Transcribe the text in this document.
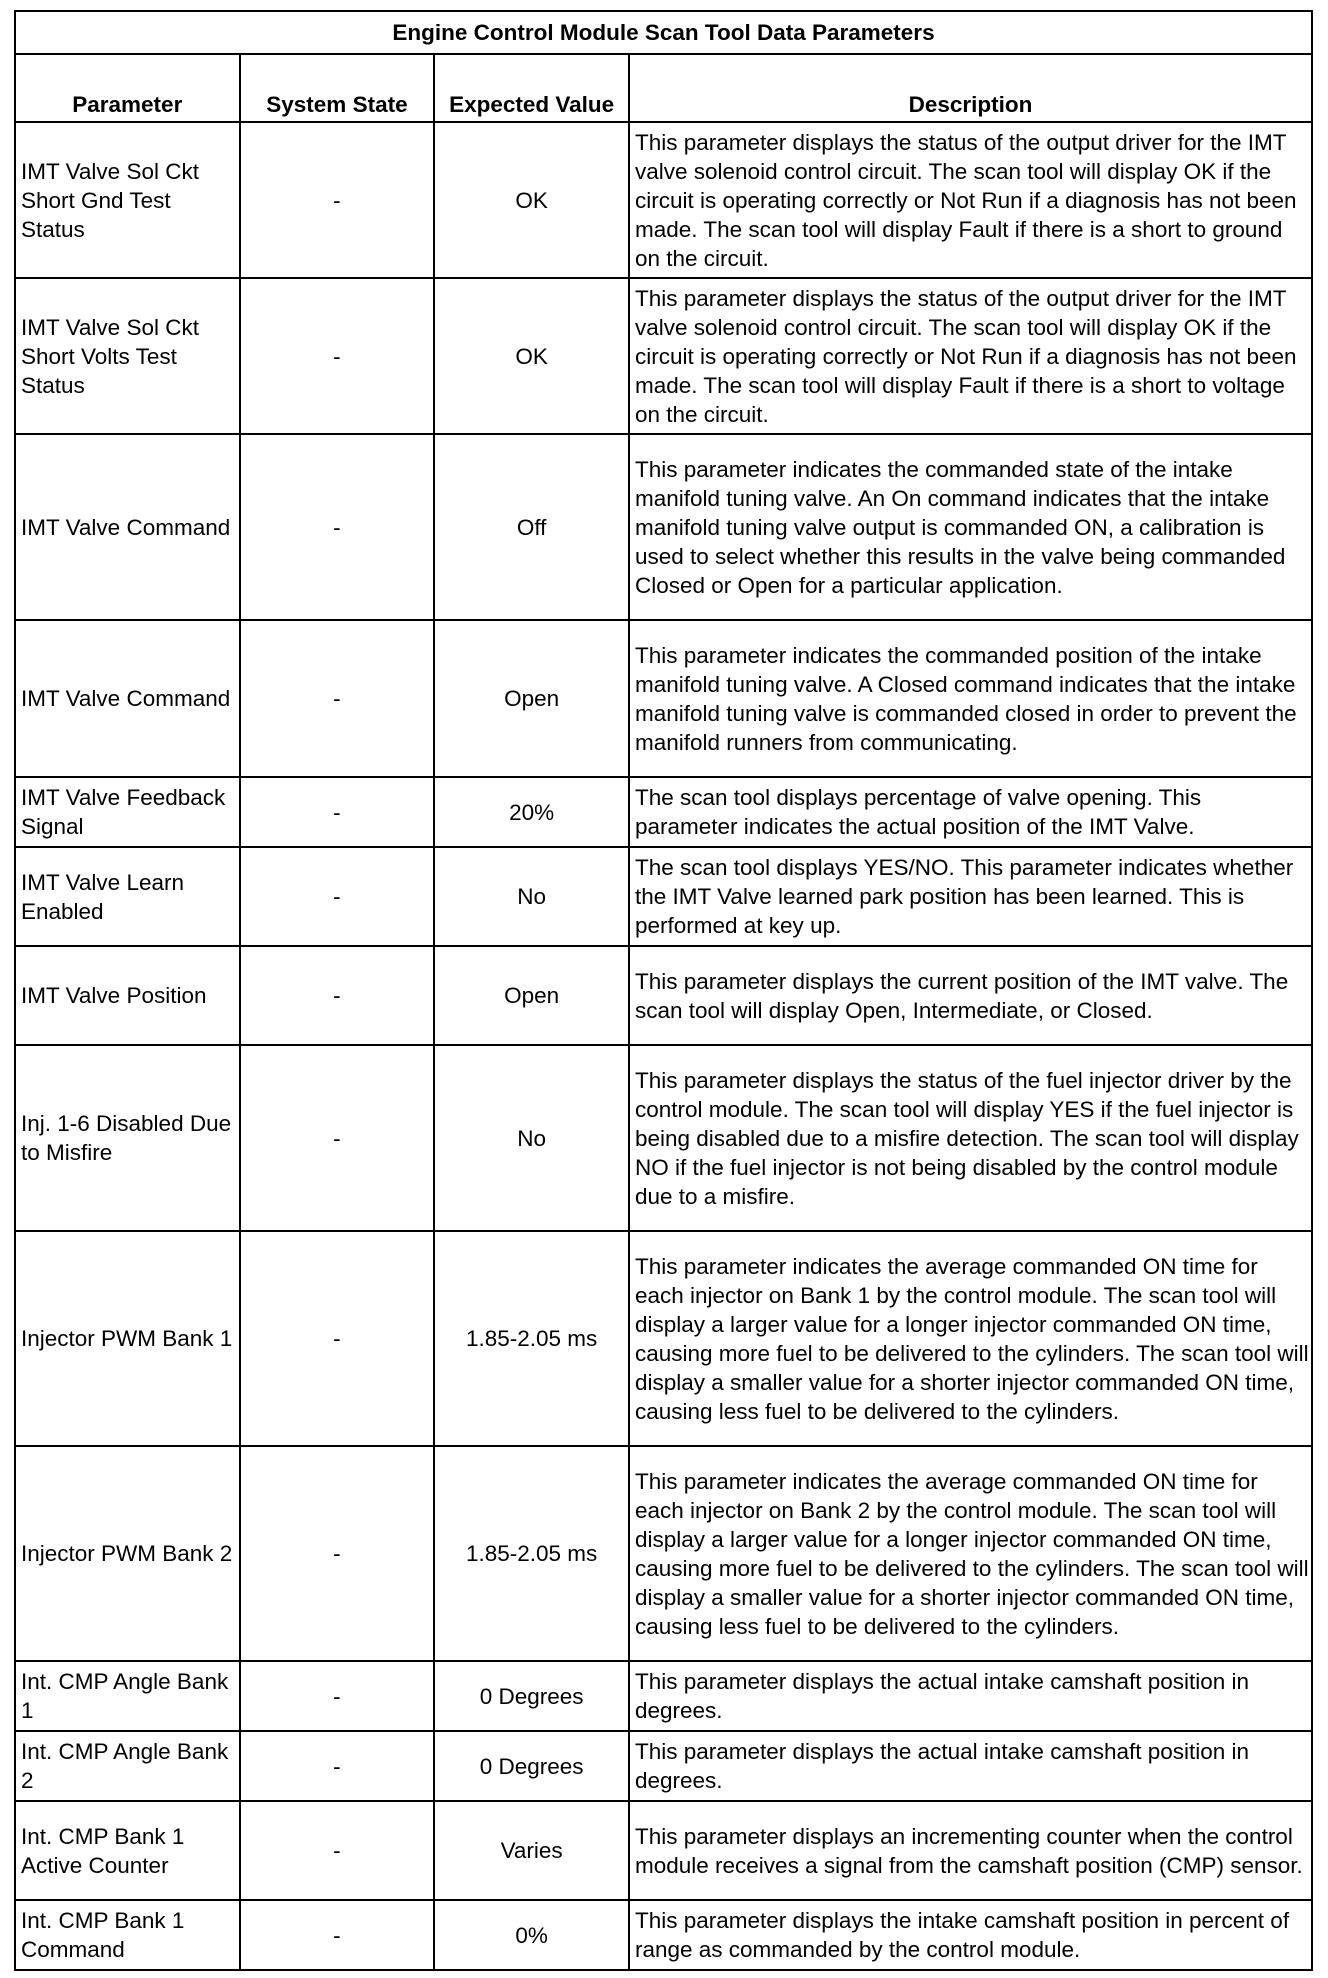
Engine Control Module Scan Tool Data Parameters			
Parameter	System State	Expected Value	Description
IMT Valve Sol Ckt Short Gnd Test Status	-	OK	This parameter displays the status of the output driver for the IMT valve solenoid control circuit. The scan tool will display OK if the circuit is operating correctly or Not Run if a diagnosis has not been made. The scan tool will display Fault if there is a short to ground on the circuit.
IMT Valve Sol Ckt Short Volts Test Status	-	OK	This parameter displays the status of the output driver for the IMT valve solenoid control circuit. The scan tool will display OK if the circuit is operating correctly or Not Run if a diagnosis has not been made. The scan tool will display Fault if there is a short to voltage on the circuit.
IMT Valve Command	-	Off	This parameter indicates the commanded state of the intake manifold tuning valve. An On command indicates that the intake manifold tuning valve output is commanded ON, a calibration is used to select whether this results in the valve being commanded Closed or Open for a particular application.
IMT Valve Command	-	Open	This parameter indicates the commanded position of the intake manifold tuning valve. A Closed command indicates that the intake manifold tuning valve is commanded closed in order to prevent the manifold runners from communicating.
IMT Valve Feedback Signal	-	20%	The scan tool displays percentage of valve opening. This parameter indicates the actual position of the IMT Valve.
IMT Valve Learn Enabled	-	No	The scan tool displays YES/NO. This parameter indicates whether the IMT Valve learned park position has been learned. This is performed at key up.
IMT Valve Position	-	Open	This parameter displays the current position of the IMT valve. The scan tool will display Open, Intermediate, or Closed.
Inj. 1-6 Disabled Due to Misfire	-	No	This parameter displays the status of the fuel injector driver by the control module. The scan tool will display YES if the fuel injector is being disabled due to a misfire detection. The scan tool will display NO if the fuel injector is not being disabled by the control module due to a misfire.
Injector PWM Bank 1	-	1.85-2.05 ms	This parameter indicates the average commanded ON time for each injector on Bank 1 by the control module. The scan tool will display a larger value for a longer injector commanded ON time, causing more fuel to be delivered to the cylinders. The scan tool will display a smaller value for a shorter injector commanded ON time, causing less fuel to be delivered to the cylinders.
Injector PWM Bank 2	-	1.85-2.05 ms	This parameter indicates the average commanded ON time for each injector on Bank 2 by the control module. The scan tool will display a larger value for a longer injector commanded ON time, causing more fuel to be delivered to the cylinders. The scan tool will display a smaller value for a shorter injector commanded ON time, causing less fuel to be delivered to the cylinders.
Int. CMP Angle Bank 1	-	0 Degrees	This parameter displays the actual intake camshaft position in degrees.
Int. CMP Angle Bank 2	-	0 Degrees	This parameter displays the actual intake camshaft position in degrees.
Int. CMP Bank 1 Active Counter	-	Varies	This parameter displays an incrementing counter when the control module receives a signal from the camshaft position (CMP) sensor.
Int. CMP Bank 1 Command	-	0%	This parameter displays the intake camshaft position in percent of range as commanded by the control module.
